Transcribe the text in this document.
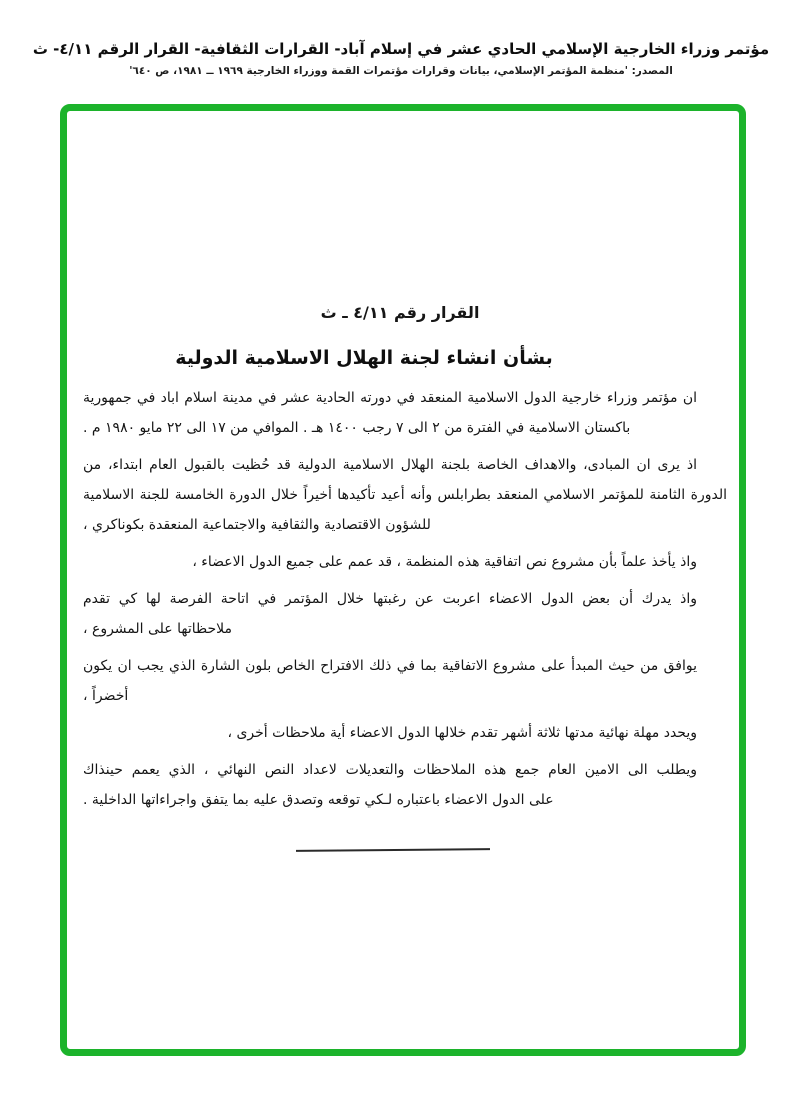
مؤتمر وزراء الخارجية الإسلامي الحادي عشر في إسلام آباد- القرارات الثقافية- القرار الرقم ٤/١١- ث
المصدر: 'منظمة المؤتمر الإسلامي، بيانات وقرارات مؤتمرات القمة ووزراء الخارجية ١٩٦٩ ــ ١٩٨١، ص ٦٤٠'
القرار رقم ٤/١١ ـ ث
بشأن انشاء لجنة الهلال الاسلامية الدولية
ان مؤتمر وزراء خارجية الدول الاسلامية المنعقد في دورته الحادية عشر في مدينة اسلام اباد في جمهورية
باكستان الاسلامية في الفترة من ٢ الى ٧ رجب ١٤٠٠ هـ . الموافي من ١٧ الى ٢٢ مايو ١٩٨٠ م .
اذ يرى ان المبادى، والاهداف الخاصة بلجنة الهلال الاسلامية الدولية قد حُظيت بالقبول العام ابتداء، من
الدورة الثامنة للمؤتمر الاسلامي المنعقد بطرابلس وأنه أعيد تأكيدها أخيراً خلال الدورة الخامسة للجنة الاسلامية
للشؤون الاقتصادية والثقافية والاجتماعية المنعقدة بكوناكري ،
واذ يأخذ علماً بأن مشروع نص اتفاقية هذه المنظمة ، قد عمم على جميع الدول الاعضاء ،
واذ يدرك أن بعض الدول الاعضاء اعربت عن رغبتها خلال المؤتمر في اتاحة الفرصة لها كي تقدم
ملاحظاتها على المشروع ،
يوافق من حيث المبدأ على مشروع الاتفاقية بما في ذلك الافتراح الخاص بلون الشارة الذي يجب ان يكون
أخضراً ،
ويحدد مهلة نهائية مدتها ثلاثة أشهر تقدم خلالها الدول الاعضاء أية ملاحظات أخرى ،
ويطلب الى الامين العام جمع هذه الملاحظات والتعديلات لاعداد النص النهائي ، الذي يعمم حينذاك
على الدول الاعضاء باعتباره لـكي توقعه وتصدق عليه بما يتفق واجراءاتها الداخلية .
